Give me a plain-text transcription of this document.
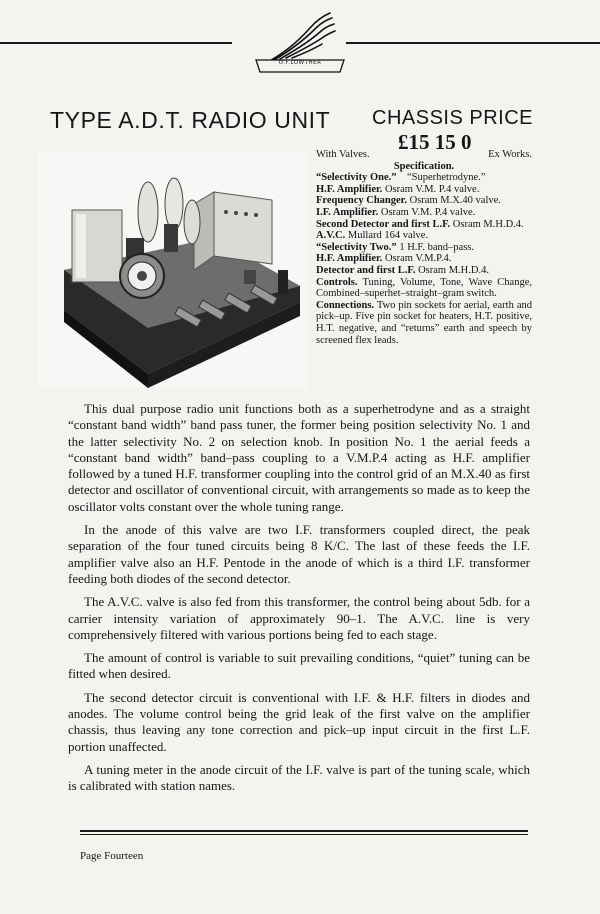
O.F.LOWTHER
TYPE A.D.T. RADIO UNIT CHASSIS PRICE
£15 15 0
With Valves.	Ex Works.
Specification.
“Selectivity One.” “Superhetrodyne.”
H.F. Amplifier. Osram V.M. P.4 valve.
Frequency Changer. Osram M.X.40 valve.
I.F. Amplifier. Osram V.M. P.4 valve.
Second Detector and first L.F. Osram M.H.D.4.
A.V.C. Mullard 164 valve.
“Selectivity Two.” 1 H.F. band–pass.
H.F. Amplifier. Osram V.M.P.4.
Detector and first L.F. Osram M.H.D.4.
Controls. Tuning, Volume, Tone, Wave Change, Combined–superhet–straight–gram switch.
Connections. Two pin sockets for aerial, earth and pick–up. Five pin socket for heaters, H.T. positive, H.T. negative, and “returns” earth and speech by screened flex leads.

This dual purpose radio unit functions both as a superhetrodyne and as a straight “constant band width” band pass tuner, the former being position selectivity No. 1 and the latter selectivity No. 2 on selection knob. In position No. 1 the aerial feeds a “constant band width” band–pass coupling to a V.M.P.4 acting as H.F. amplifier followed by a tuned H.F. transformer coupling into the control grid of an M.X.40 as first detector and oscillator of conventional circuit, with arrangements so made as to keep the oscillator volts constant over the whole tuning range.

In the anode of this valve are two I.F. transformers coupled direct, the peak separation of the four tuned circuits being 8 K/C. The last of these feeds the I.F. amplifier valve also an H.F. Pentode in the anode of which is a third I.F. transformer feeding both diodes of the second detector.

The A.V.C. valve is also fed from this transformer, the control being about 5db. for a carrier intensity variation of approximately 90–1. The A.V.C. line is very comprehensively filtered with various portions being fed to each stage.

The amount of control is variable to suit prevailing conditions, “quiet” tuning can be fitted when desired.

The second detector circuit is conventional with I.F. & H.F. filters in diodes and anodes. The volume control being the grid leak of the first valve on the amplifier chassis, thus leaving any tone correction and pick–up input circuit in the first L.F. portion unaffected.

A tuning meter in the anode circuit of the I.F. valve is part of the tuning scale, which is calibrated with station names.

Page Fourteen
